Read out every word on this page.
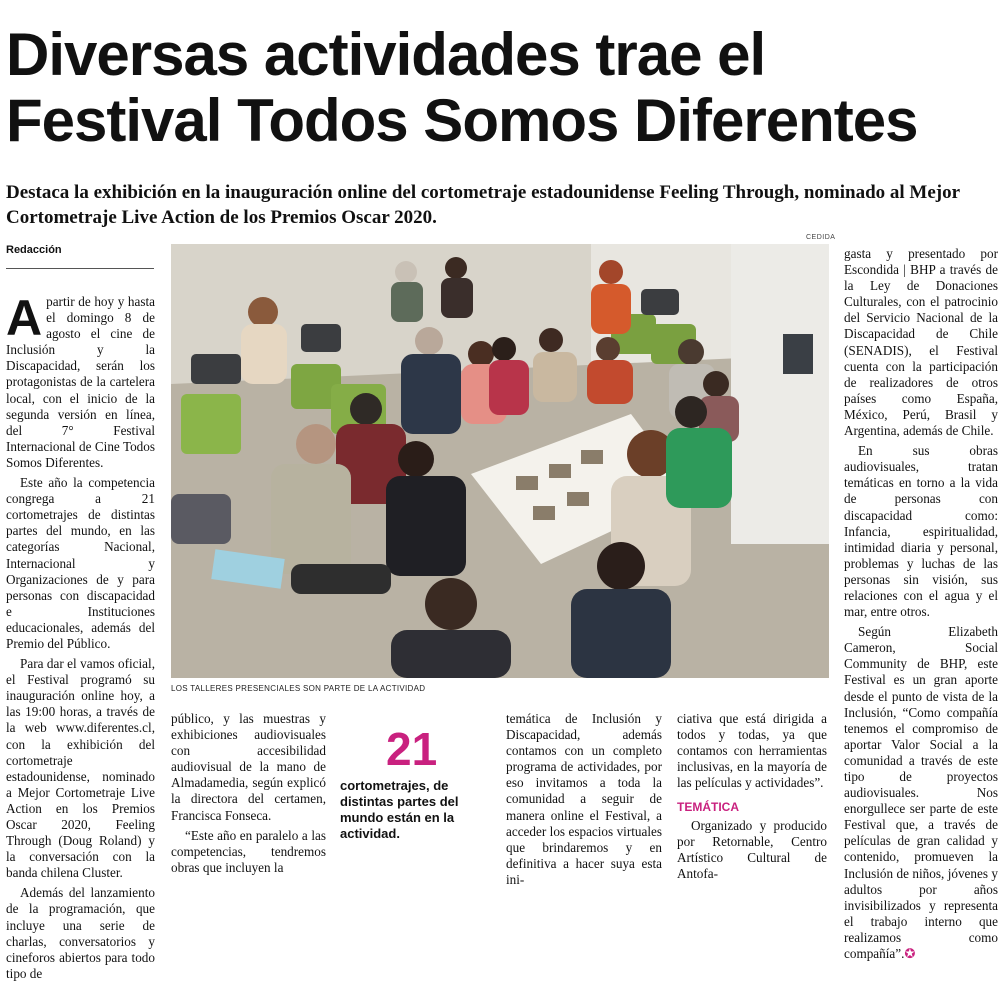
Diversas actividades trae el Festival Todos Somos Diferentes

Destaca la exhibición en la inauguración online del cortometraje estadounidense Feeling Through, nominado al Mejor Cortometraje Live Action de los Premios Oscar 2020.

Redacción

Apartir de hoy y hasta el domingo 8 de agosto el cine de Inclusión y la Discapacidad, serán los protagonistas de la cartelera local, con el inicio de la segunda versión en línea, del 7° Festival Internacional de Cine Todos Somos Diferentes.

Este año la competencia congrega a 21 cortometrajes de distintas partes del mundo, en las categorías Nacional, Internacional y Organizaciones de y para personas con discapacidad e Instituciones educacionales, además del Premio del Público.

Para dar el vamos oficial, el Festival programó su inauguración online hoy, a las 19:00 horas, a través de la web www.diferentes.cl, con la exhibición del cortometraje estadounidense, nominado a Mejor Cortometraje Live Action en los Premios Oscar 2020, Feeling Through (Doug Roland) y la conversación con la banda chilena Cluster.

Además del lanzamiento de la programación, que incluye una serie de charlas, conversatorios y cineforos abiertos para todo tipo de

CEDIDA
LOS TALLERES PRESENCIALES SON PARTE DE LA ACTIVIDAD

público, y las muestras y exhibiciones audiovisuales con accesibilidad audiovisual de la mano de Almadamedia, según explicó la directora del certamen, Francisca Fonseca.

“Este año en paralelo a las competencias, tendremos obras que incluyen la

21
cortometrajes, de distintas partes del mundo están en la actividad.

temática de Inclusión y Discapacidad, además contamos con un completo programa de actividades, por eso invitamos a toda la comunidad a seguir de manera online el Festival, a acceder los espacios virtuales que brindaremos y en definitiva a hacer suya esta ini-

ciativa que está dirigida a todos y todas, ya que contamos con herramientas inclusivas, en la mayoría de las películas y actividades”.

TEMÁTICA

Organizado y producido por Retornable, Centro Artístico Cultural de Antofa-

gasta y presentado por Escondida | BHP a través de la Ley de Donaciones Culturales, con el patrocinio del Servicio Nacional de la Discapacidad de Chile (SENADIS), el Festival cuenta con la participación de realizadores de otros países como España, México, Perú, Brasil y Argentina, además de Chile.

En sus obras audiovisuales, tratan temáticas en torno a la vida de personas con discapacidad como: Infancia, espiritualidad, intimidad diaria y personal, problemas y luchas de las personas sin visión, sus relaciones con el agua y el mar, entre otros.

Según Elizabeth Cameron, Social Community de BHP, este Festival es un gran aporte desde el punto de vista de la Inclusión, “Como compañía tenemos el compromiso de aportar Valor Social a la comunidad a través de este tipo de proyectos audiovisuales. Nos enorgullece ser parte de este Festival que, a través de películas de gran calidad y contenido, promueven la Inclusión de niños, jóvenes y adultos por años invisibilizados y representa el trabajo interno que realizamos como compañía”.✪
